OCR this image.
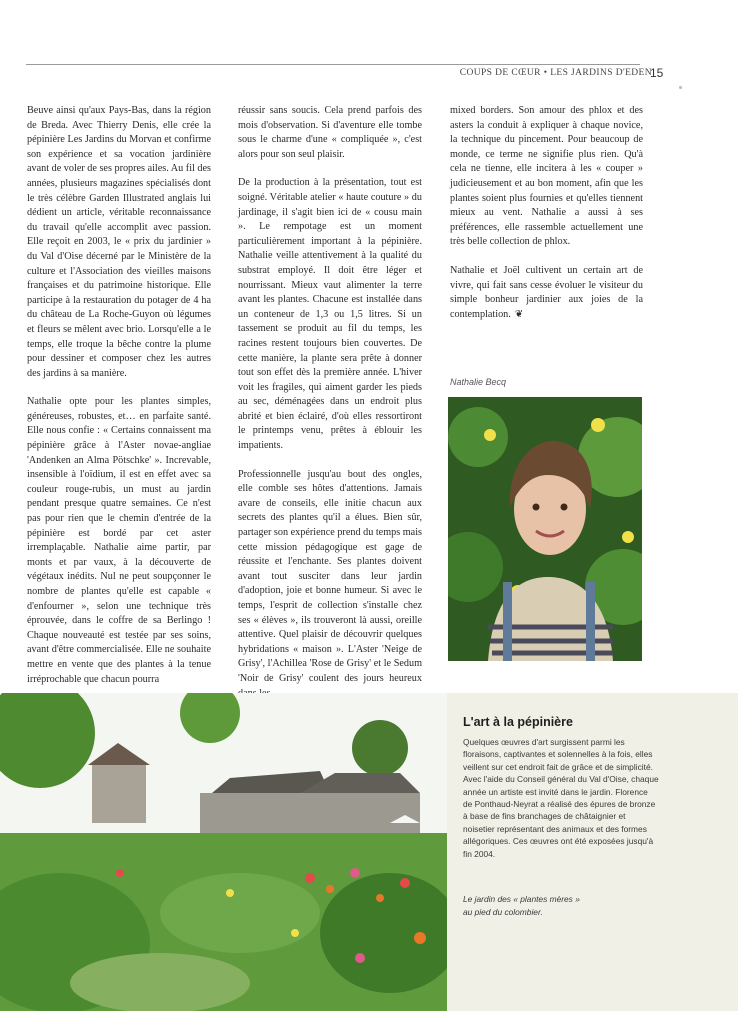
COUPS DE CŒUR • LES JARDINS D'EDEN
15

Beuve ainsi qu'aux Pays-Bas, dans la région de Breda. Avec Thierry Denis, elle crée la pépinière Les Jardins du Morvan et confirme son expérience et sa vocation jardinière avant de voler de ses propres ailes. Au fil des années, plusieurs magazines spécialisés dont le très célèbre Garden Illustrated anglais lui dédient un article, véritable reconnaissance du travail qu'elle accomplit avec passion. Elle reçoit en 2003, le « prix du jardinier » du Val d'Oise décerné par le Ministère de la culture et l'Association des vieilles maisons françaises et du patrimoine historique. Elle participe à la restauration du potager de 4 ha du château de La Roche-Guyon où légumes et fleurs se mêlent avec brio. Lorsqu'elle a le temps, elle troque la bêche contre la plume pour dessiner et composer chez les autres des jardins à sa manière.

Nathalie opte pour les plantes simples, généreuses, robustes, et… en parfaite santé. Elle nous confie : « Certains connaissent ma pépinière grâce à l'Aster novae-angliae 'Andenken an Alma Pötschke' ». Increvable, insensible à l'oïdium, il est en effet avec sa couleur rouge-rubis, un must au jardin pendant presque quatre semaines. Ce n'est pas pour rien que le chemin d'entrée de la pépinière est bordé par cet aster irremplaçable. Nathalie aime partir, par monts et par vaux, à la découverte de végétaux inédits. Nul ne peut soupçonner le nombre de plantes qu'elle est capable « d'enfourner », selon une technique très éprouvée, dans le coffre de sa Berlingo ! Chaque nouveauté est testée par ses soins, avant d'être commercialisée. Elle ne souhaite mettre en vente que des plantes à la tenue irréprochable que chacun pourra

réussir sans soucis. Cela prend parfois des mois d'observation. Si d'aventure elle tombe sous le charme d'une « compliquée », c'est alors pour son seul plaisir.

De la production à la présentation, tout est soigné. Véritable atelier « haute couture » du jardinage, il s'agit bien ici de « cousu main ». Le rempotage est un moment particulièrement important à la pépinière. Nathalie veille attentivement à la qualité du substrat employé. Il doit être léger et nourrissant. Mieux vaut alimenter la terre avant les plantes. Chacune est installée dans un conteneur de 1,3 ou 1,5 litres. Si un tassement se produit au fil du temps, les racines restent toujours bien couvertes. De cette manière, la plante sera prête à donner tout son effet dès la première année. L'hiver voit les fragiles, qui aiment garder les pieds au sec, déménagées dans un endroit plus abrité et bien éclairé, d'où elles ressortiront le printemps venu, prêtes à éblouir les impatients.

Professionnelle jusqu'au bout des ongles, elle comble ses hôtes d'attentions. Jamais avare de conseils, elle initie chacun aux secrets des plantes qu'il a élues. Bien sûr, partager son expérience prend du temps mais cette mission pédagogique est gage de réussite et l'enchante. Ses plantes doivent avant tout susciter dans leur jardin d'adoption, joie et bonne humeur. Si avec le temps, l'esprit de collection s'installe chez ses « élèves », ils trouveront là aussi, oreille attentive. Quel plaisir de découvrir quelques hybridations « maison ». L'Aster 'Neige de Grisy', l'Achillea 'Rose de Grisy' et le Sedum 'Noir de Grisy' coulent des jours heureux

mixed borders. Son amour des phlox et des asters la conduit à expliquer à chaque novice, la technique du pincement. Pour beaucoup de monde, ce terme ne signifie plus rien. Qu'à cela ne tienne, elle incitera à les « couper » judicieusement et au bon moment, afin que les plantes soient plus fournies et qu'elles tiennent mieux au vent. Nathalie a aussi à ses préférences, elle rassemble actuellement une très belle collection de phlox.

Nathalie et Joël cultivent un certain art de vivre, qui fait sans cesse évoluer le visiteur du simple bonheur jardinier aux joies de la contemplation. ❦

Nathalie Becq
L'art à la pépinière
Quelques œuvres d'art surgissent parmi les floraisons, captivantes et solennelles à la fois, elles veillent sur cet endroit fait de grâce et de simplicité. Avec l'aide du Conseil général du Val d'Oise, chaque année un artiste est invité dans le jardin. Florence de Ponthaud-Neyrat a réalisé des épures de bronze à base de fins branchages de châtaignier et noisetier représentant des animaux et des formes allégoriques. Ces œuvres ont été exposées jusqu'à fin 2004.
Le jardin des « plantes mères »
au pied du colombier.
